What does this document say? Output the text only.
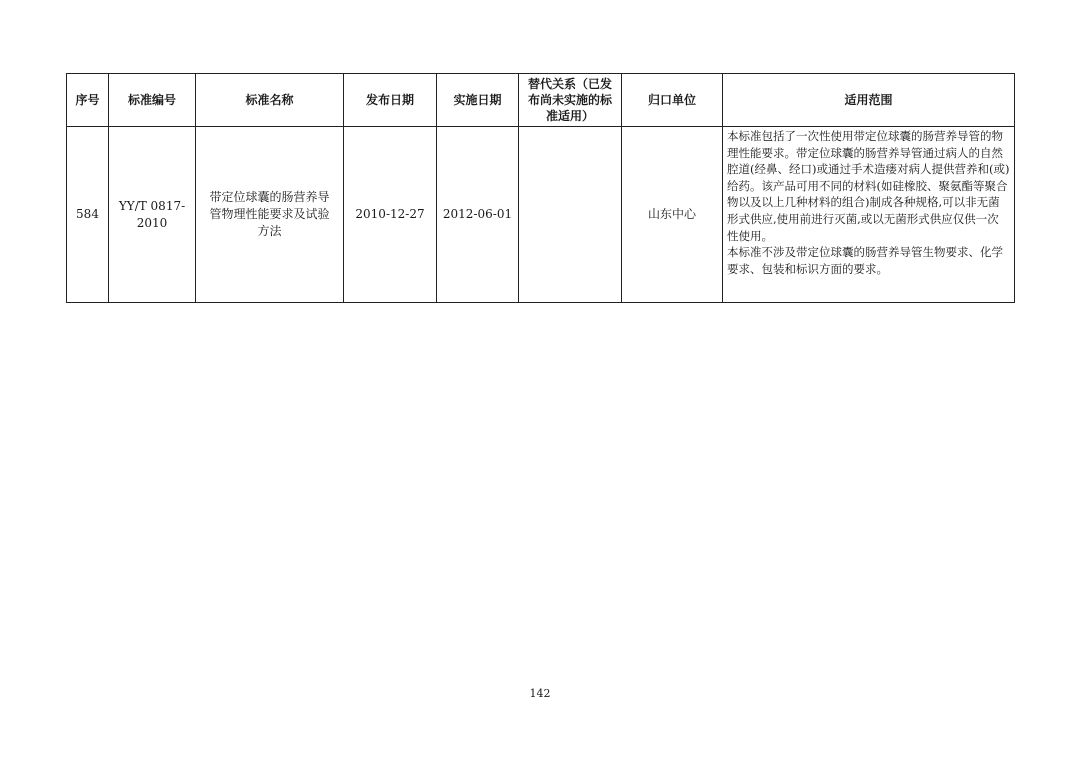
序号	标准编号	标准名称	发布日期	实施日期	替代关系（已发布尚未实施的标准适用）	归口单位	适用范围
584	YY/T 0817-2010	带定位球囊的肠营养导管物理性能要求及试验方法	2010-12-27	2012-06-01		山东中心	本标准包括了一次性使用带定位球囊的肠营养导管的物理性能要求。带定位球囊的肠营养导管通过病人的自然腔道(经鼻、经口)或通过手术造瘘对病人提供营养和(或)给药。该产品可用不同的材料(如硅橡胶、聚氨酯等聚合物以及以上几种材料的组合)制成各种规格,可以非无菌形式供应,使用前进行灭菌,或以无菌形式供应仅供一次性使用。

本标准不涉及带定位球囊的肠营养导管生物要求、化学要求、包装和标识方面的要求。

142
